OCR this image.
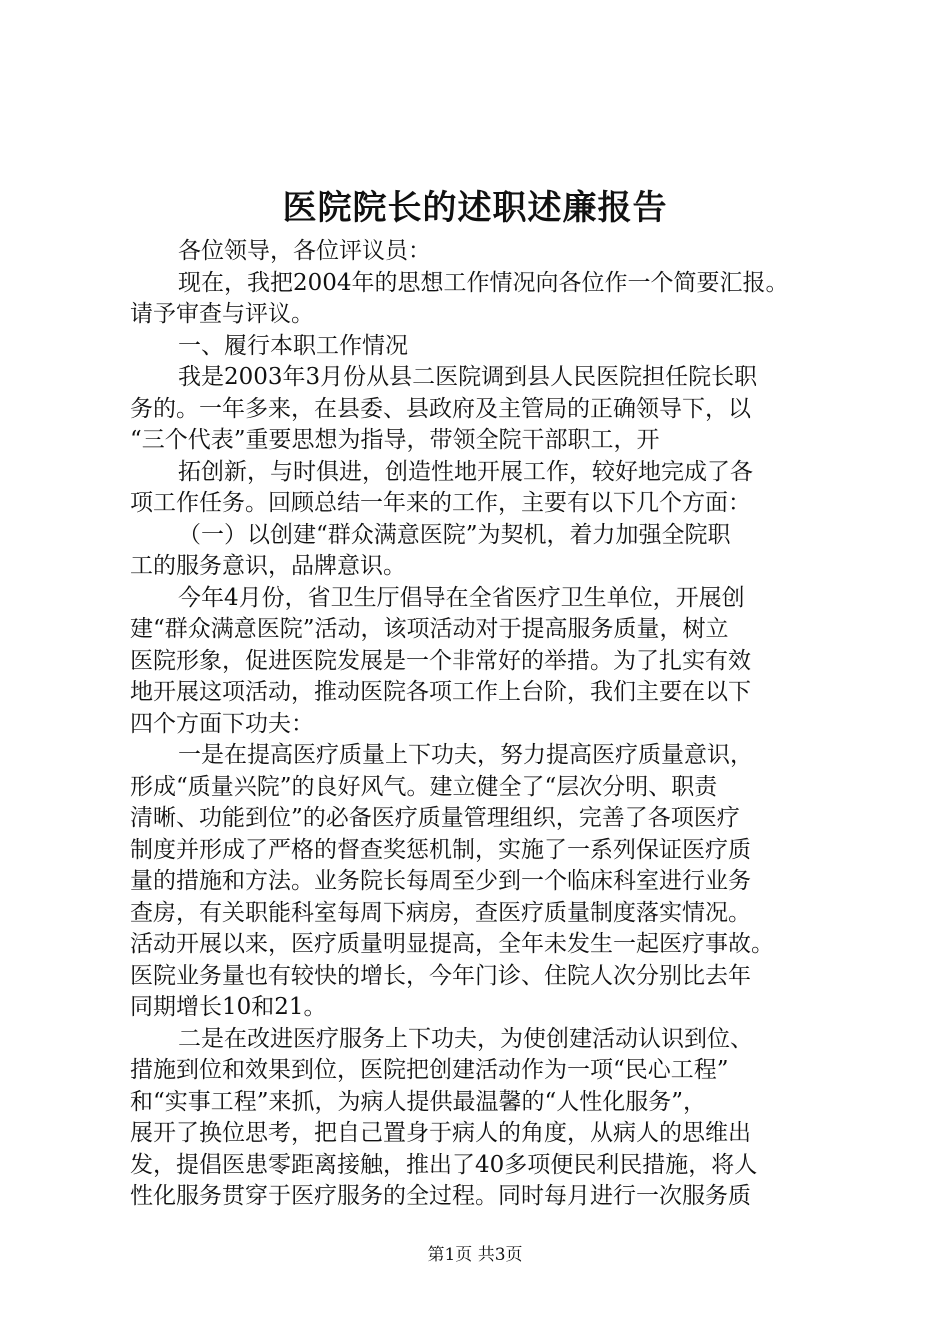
医院院长的述职述廉报告
各位领导，各位评议员：
现在，我把2004年的思想工作情况向各位作一个简要汇报。
请予审查与评议。
一、履行本职工作情况
我是2003年3月份从县二医院调到县人民医院担任院长职
务的。一年多来，在县委、县政府及主管局的正确领导下，以
“三个代表”重要思想为指导，带领全院干部职工，开
拓创新，与时俱进，创造性地开展工作，较好地完成了各
项工作任务。回顾总结一年来的工作，主要有以下几个方面：
（一）以创建“群众满意医院”为契机，着力加强全院职
工的服务意识，品牌意识。
今年4月份，省卫生厅倡导在全省医疗卫生单位，开展创
建“群众满意医院”活动，该项活动对于提高服务质量，树立
医院形象，促进医院发展是一个非常好的举措。为了扎实有效
地开展这项活动，推动医院各项工作上台阶，我们主要在以下
四个方面下功夫：
一是在提高医疗质量上下功夫，努力提高医疗质量意识，
形成“质量兴院”的良好风气。建立健全了“层次分明、职责
清晰、功能到位”的必备医疗质量管理组织，完善了各项医疗
制度并形成了严格的督查奖惩机制，实施了一系列保证医疗质
量的措施和方法。业务院长每周至少到一个临床科室进行业务
查房，有关职能科室每周下病房，查医疗质量制度落实情况。
活动开展以来，医疗质量明显提高，全年未发生一起医疗事故。
医院业务量也有较快的增长，今年门诊、住院人次分别比去年
同期增长10和21。
二是在改进医疗服务上下功夫，为使创建活动认识到位、
措施到位和效果到位，医院把创建活动作为一项“民心工程”
和“实事工程”来抓，为病人提供最温馨的“人性化服务”，
展开了换位思考，把自己置身于病人的角度，从病人的思维出
发，提倡医患零距离接触，推出了40多项便民利民措施，将人
性化服务贯穿于医疗服务的全过程。同时每月进行一次服务质
第1页 共3页
